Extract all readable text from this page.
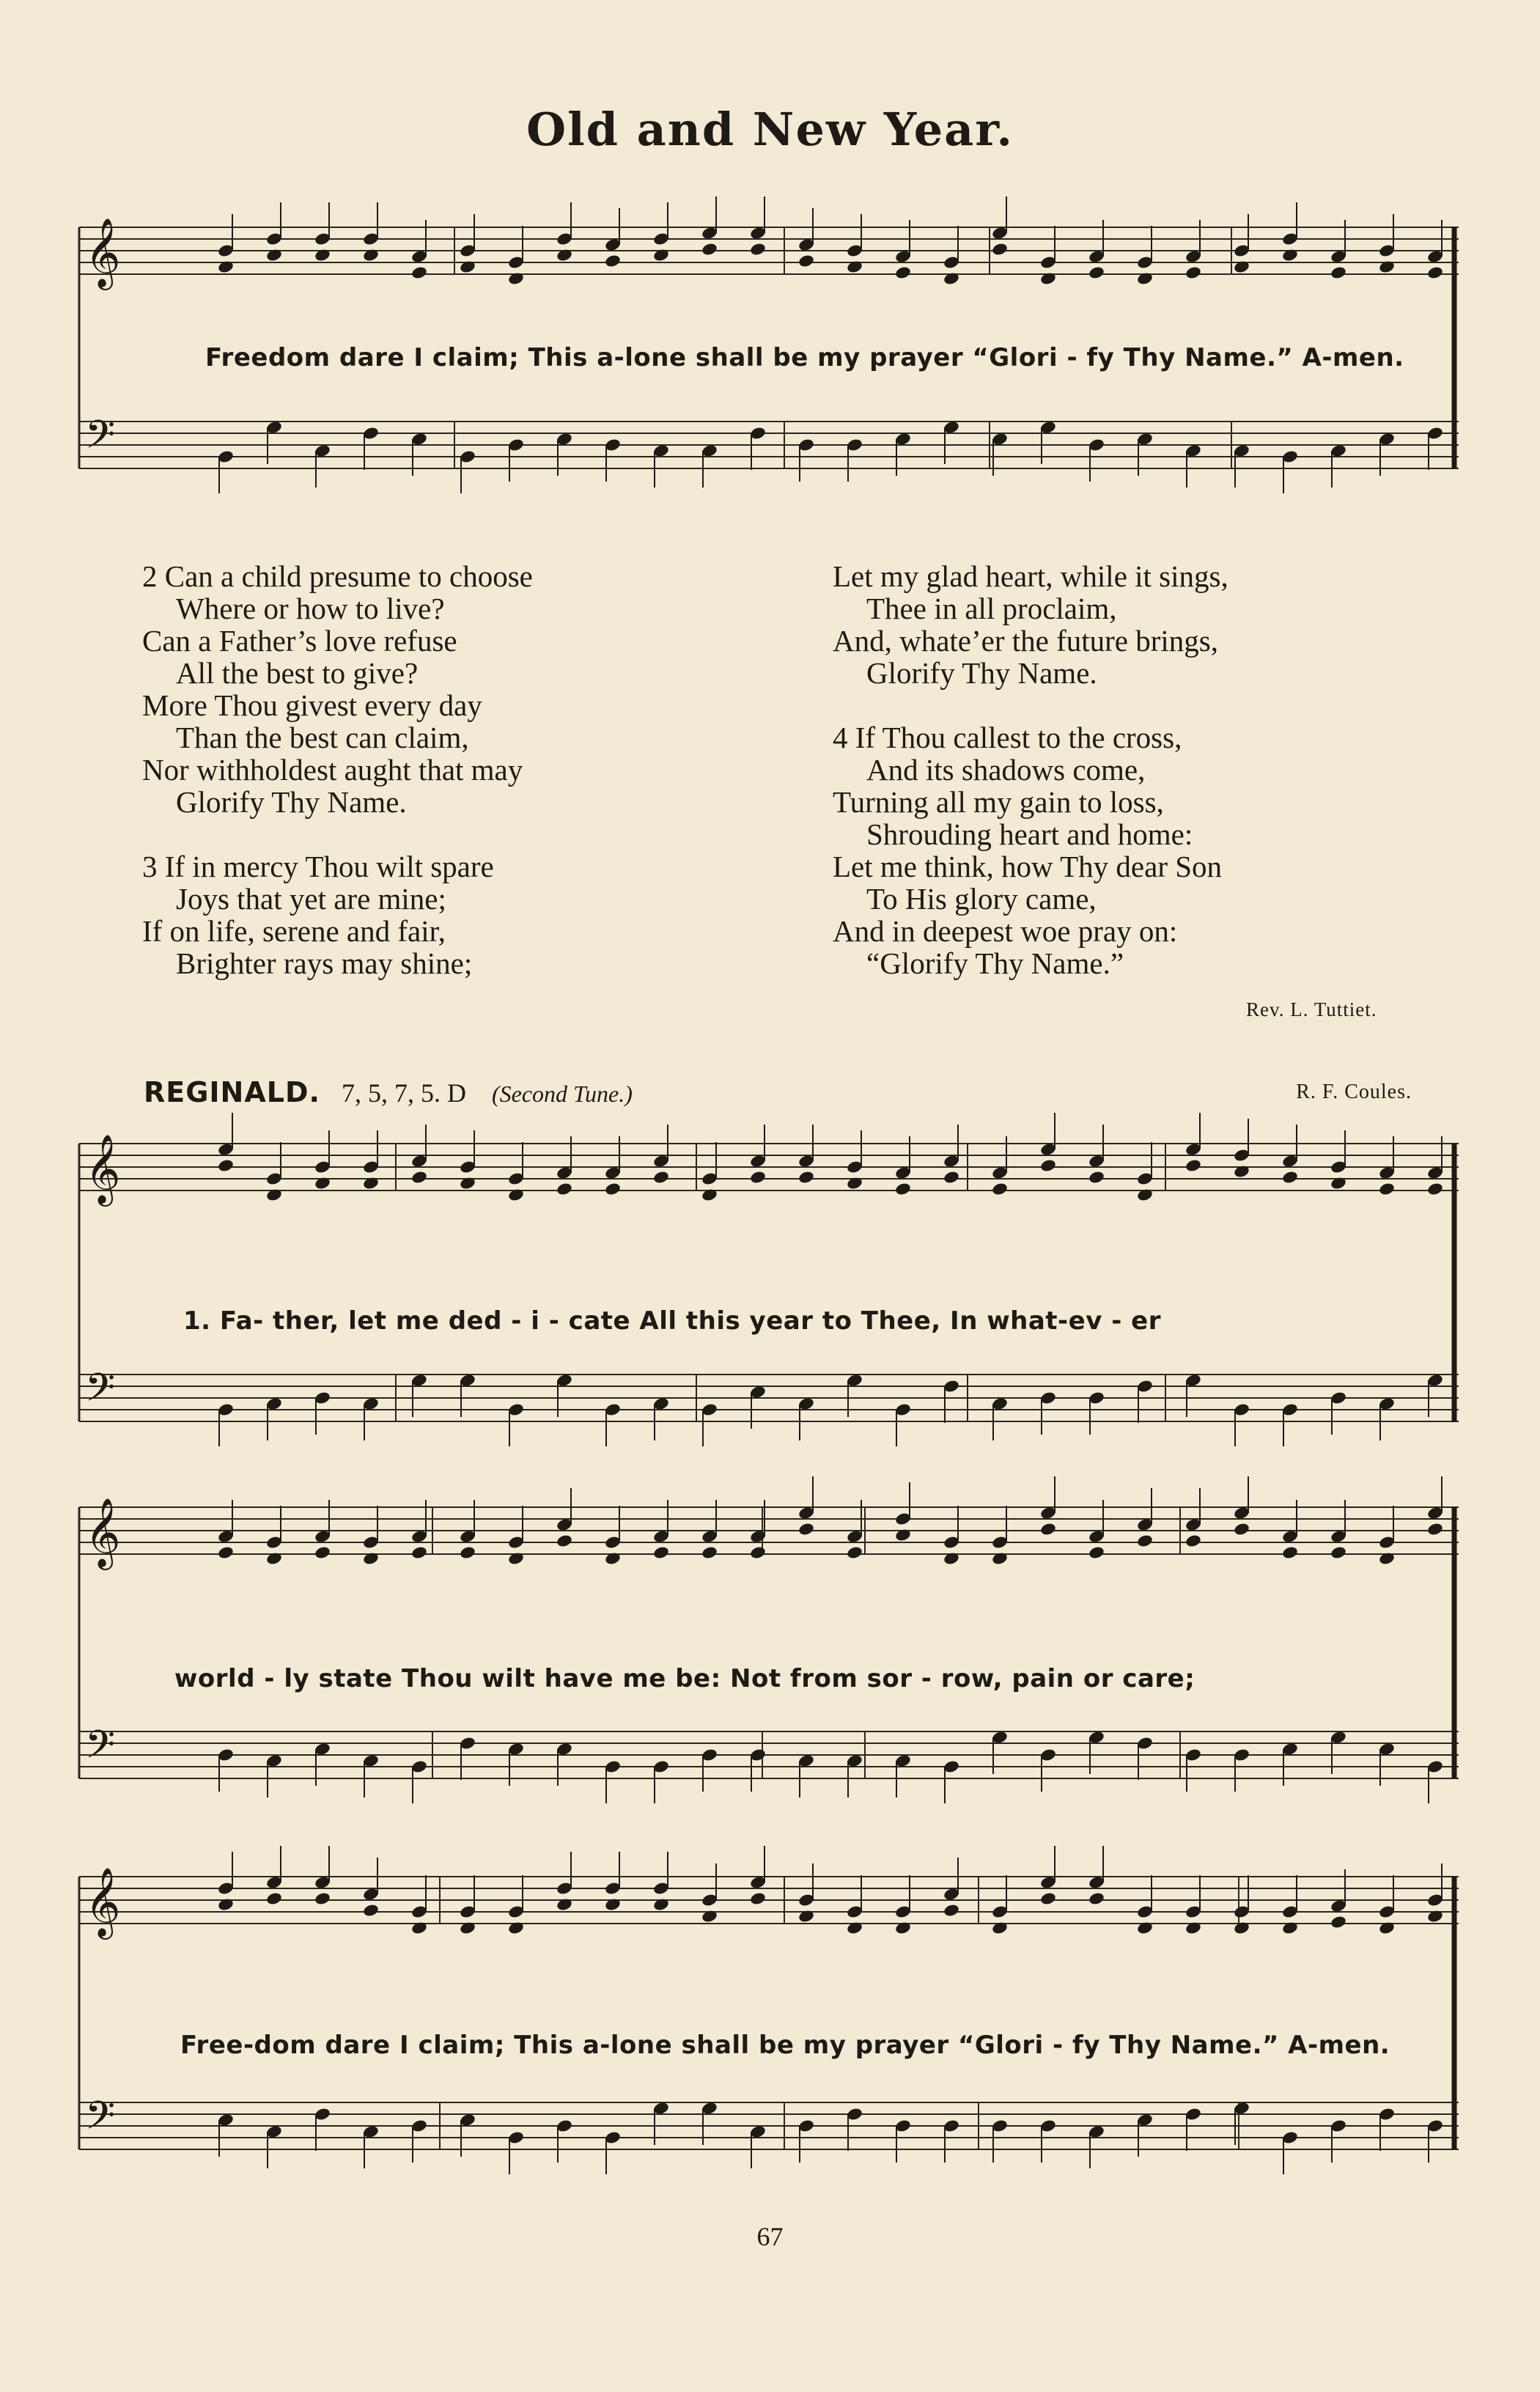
Old and New Year.
𝄞
𝄢
𝄞
𝄢
𝄞
𝄢
𝄞
𝄢
Freedom dare I claim; This a-lone shall be my prayer “Glori - fy Thy Name.” A-men.
2 Can a child presume to choose
Where or how to live?
Can a Father’s love refuse
All the best to give?
More Thou givest every day
Than the best can claim,
Nor withholdest aught that may
Glorify Thy Name.
3 If in mercy Thou wilt spare
Joys that yet are mine;
If on life, serene and fair,
Brighter rays may shine;
Let my glad heart, while it sings,
Thee in all proclaim,
And, whate’er the future brings,
Glorify Thy Name.
4 If Thou callest to the cross,
And its shadows come,
Turning all my gain to loss,
Shrouding heart and home:
Let me think, how Thy dear Son
To His glory came,
And in deepest woe pray on:
“Glorify Thy Name.”
Rev. L. Tuttiet.
REGINALD. 7, 5, 7, 5. D (Second Tune.)	R. F. Coules.
1. Fa- ther, let me ded - i - cate All this year to Thee, In what-ev - er
world - ly state Thou wilt have me be: Not from sor - row, pain or care;
Free-dom dare I claim; This a-lone shall be my prayer “Glori - fy Thy Name.” A-men.
67
